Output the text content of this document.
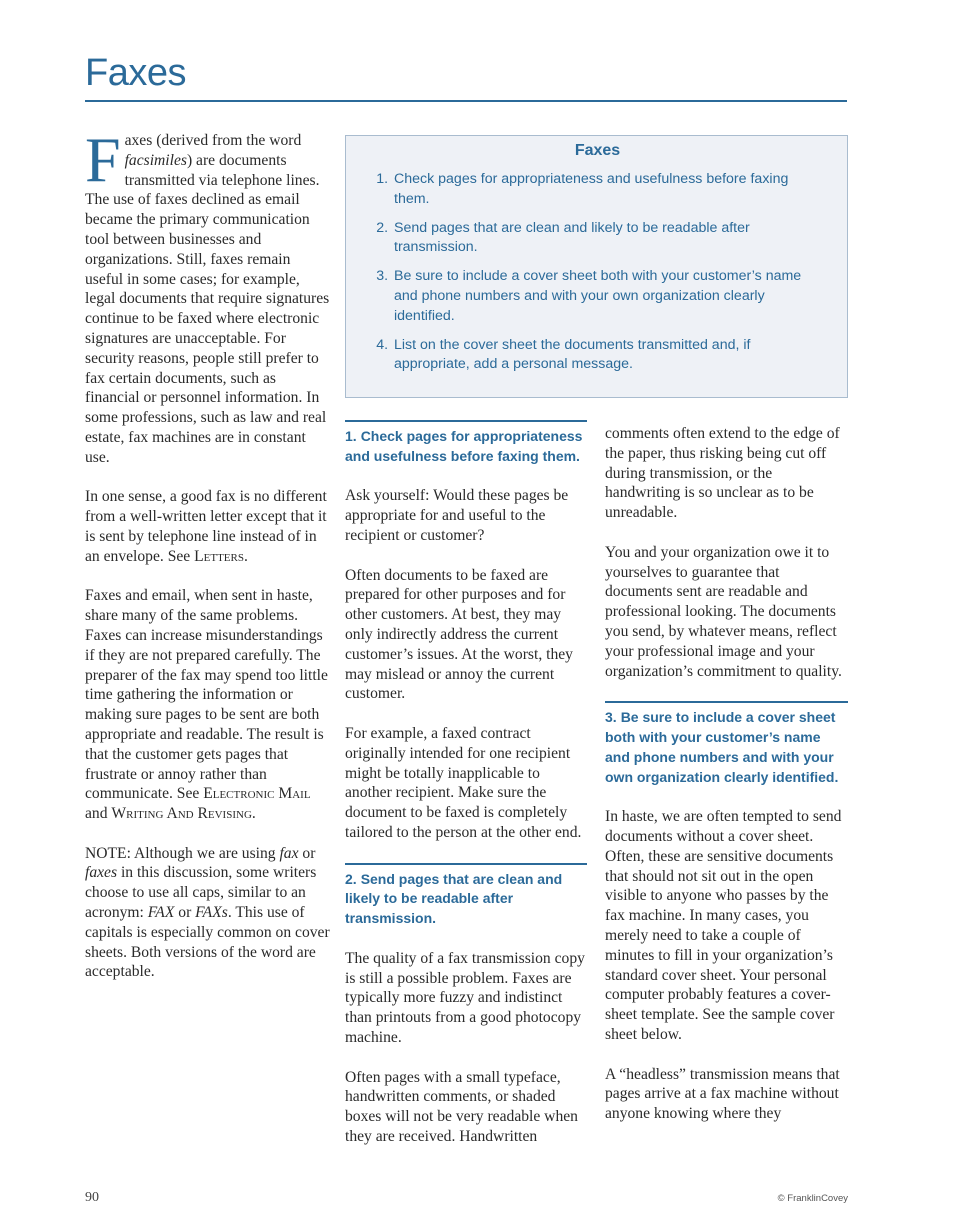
Faxes

Faxes (derived from the word facsimiles) are documents transmitted via telephone lines. The use of faxes declined as email became the primary communication tool between businesses and organizations. Still, faxes remain useful in some cases; for example, legal documents that require signatures continue to be faxed where electronic signatures are unacceptable. For security reasons, people still prefer to fax certain documents, such as financial or personnel information. In some professions, such as law and real estate, fax machines are in constant use.

In one sense, a good fax is no different from a well-written letter except that it is sent by telephone line instead of in an envelope. See Letters.

Faxes and email, when sent in haste, share many of the same problems. Faxes can increase misunderstandings if they are not prepared carefully. The preparer of the fax may spend too little time gathering the information or making sure pages to be sent are both appropriate and readable. The result is that the customer gets pages that frustrate or annoy rather than communicate. See Electronic Mail and Writing And Revising.

NOTE: Although we are using fax or faxes in this discussion, some writers choose to use all caps, similar to an acronym: FAX or FAXs. This use of capitals is especially common on cover sheets. Both versions of the word are acceptable.

Faxes
1. Check pages for appropriateness and usefulness before faxing them.
2. Send pages that are clean and likely to be readable after transmission.
3. Be sure to include a cover sheet both with your customer’s name and phone numbers and with your own organization clearly identified.
4. List on the cover sheet the documents transmitted and, if appropriate, add a personal message.
1. Check pages for appropriateness and usefulness before faxing them.

Ask yourself: Would these pages be appropriate for and useful to the recipient or customer?

Often documents to be faxed are prepared for other purposes and for other customers. At best, they may only indirectly address the current customer’s issues. At the worst, they may mislead or annoy the current customer.

For example, a faxed contract originally intended for one recipient might be totally inapplicable to another recipient. Make sure the document to be faxed is completely tailored to the person at the other end.

2. Send pages that are clean and likely to be readable after transmission.

The quality of a fax transmission copy is still a possible problem. Faxes are typically more fuzzy and indistinct than printouts from a good photocopy machine.

Often pages with a small typeface, handwritten comments, or shaded boxes will not be very readable when they are received. Handwritten

comments often extend to the edge of the paper, thus risking being cut off during transmission, or the handwriting is so unclear as to be unreadable.

You and your organization owe it to yourselves to guarantee that documents sent are readable and professional looking. The documents you send, by whatever means, reflect your professional image and your organization’s commitment to quality.

3. Be sure to include a cover sheet both with your customer’s name and phone numbers and with your own organization clearly identified.

In haste, we are often tempted to send documents without a cover sheet. Often, these are sensitive documents that should not sit out in the open visible to anyone who passes by the fax machine. In many cases, you merely need to take a couple of minutes to fill in your organization’s standard cover sheet. Your personal computer probably features a cover-sheet template. See the sample cover sheet below.

A “headless” transmission means that pages arrive at a fax machine without anyone knowing where they

90	© FranklinCovey
